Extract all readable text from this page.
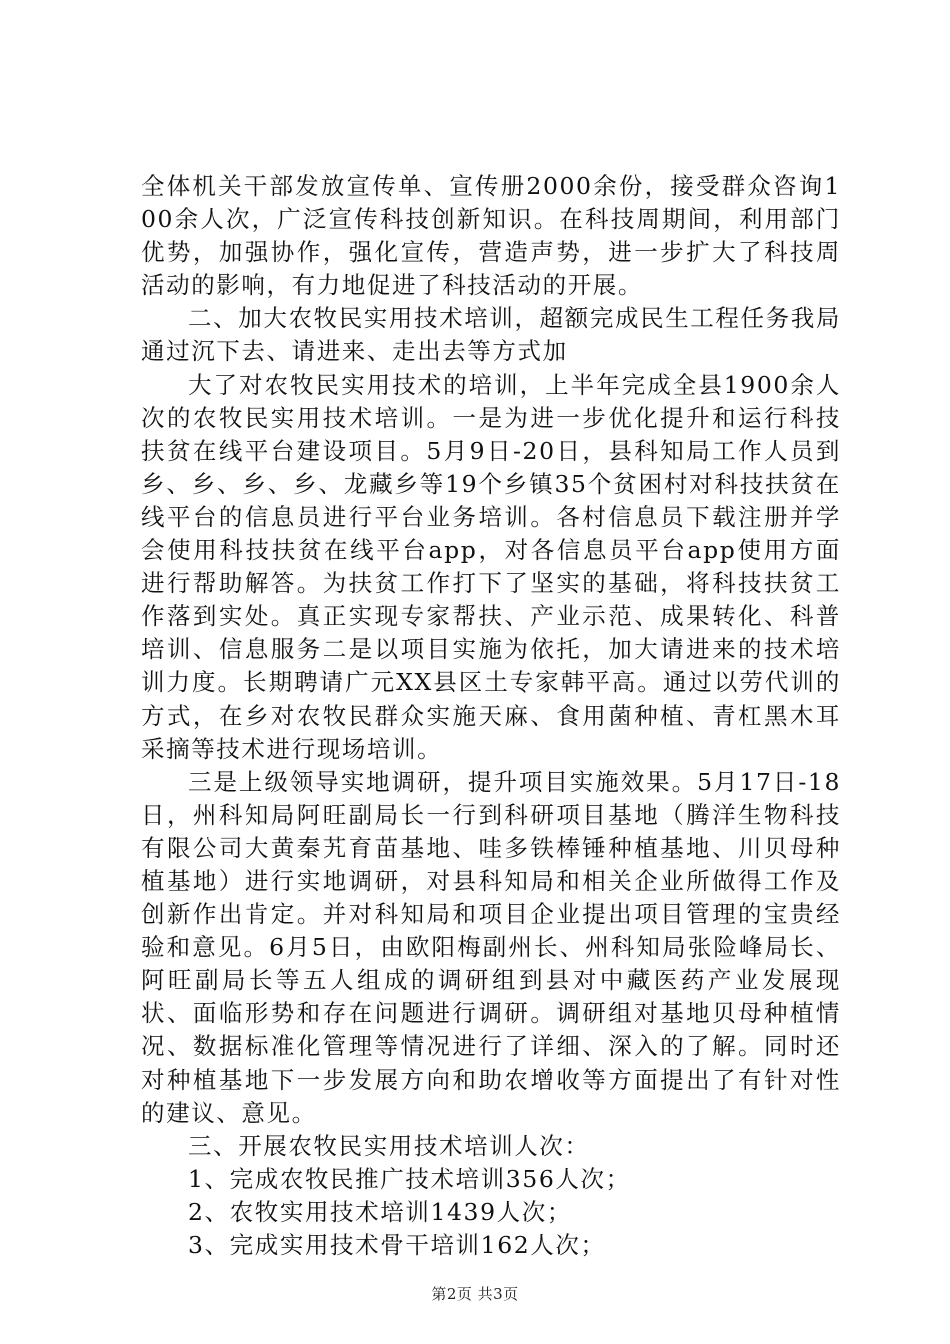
全体机关干部发放宣传单、宣传册2000余份，接受群众咨询100余人次，广泛宣传科技创新知识。在科技周期间，利用部门优势，加强协作，强化宣传，营造声势，进一步扩大了科技周活动的影响，有力地促进了科技活动的开展。

二、加大农牧民实用技术培训，超额完成民生工程任务我局通过沉下去、请进来、走出去等方式加

大了对农牧民实用技术的培训，上半年完成全县1900余人次的农牧民实用技术培训。一是为进一步优化提升和运行科技扶贫在线平台建设项目。5月9日-20日，县科知局工作人员到乡、乡、乡、乡、龙藏乡等19个乡镇35个贫困村对科技扶贫在线平台的信息员进行平台业务培训。各村信息员下载注册并学会使用科技扶贫在线平台app，对各信息员平台app使用方面进行帮助解答。为扶贫工作打下了坚实的基础，将科技扶贫工作落到实处。真正实现专家帮扶、产业示范、成果转化、科普培训、信息服务二是以项目实施为依托，加大请进来的技术培训力度。长期聘请广元XX县区土专家韩平高。通过以劳代训的方式，在乡对农牧民群众实施天麻、食用菌种植、青杠黑木耳采摘等技术进行现场培训。

三是上级领导实地调研，提升项目实施效果。5月17日-18日，州科知局阿旺副局长一行到科研项目基地（腾洋生物科技有限公司大黄秦艽育苗基地、哇多铁棒锤种植基地、川贝母种植基地）进行实地调研，对县科知局和相关企业所做得工作及创新作出肯定。并对科知局和项目企业提出项目管理的宝贵经验和意见。6月5日，由欧阳梅副州长、州科知局张险峰局长、阿旺副局长等五人组成的调研组到县对中藏医药产业发展现状、面临形势和存在问题进行调研。调研组对基地贝母种植情况、数据标准化管理等情况进行了详细、深入的了解。同时还对种植基地下一步发展方向和助农增收等方面提出了有针对性的建议、意见。

三、开展农牧民实用技术培训人次：

1、完成农牧民推广技术培训356人次；

2、农牧实用技术培训1439人次；

3、完成实用技术骨干培训162人次；

第2页 共3页
